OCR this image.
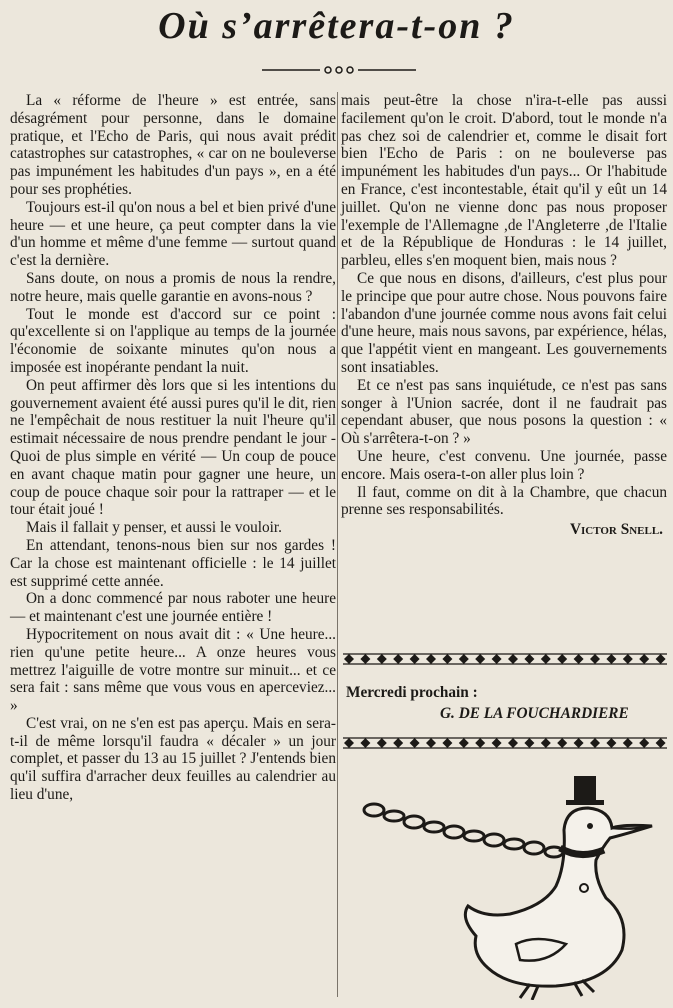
Où s’arrêtera-t-on ?

La « réforme de l'heure » est entrée, sans désagrément pour personne, dans le domaine pratique, et l'Echo de Paris, qui nous avait prédit catastrophes sur catastrophes, « car on ne bouleverse pas impunément les habitudes d'un pays », en a été pour ses prophéties.

Toujours est-il qu'on nous a bel et bien privé d'une heure — et une heure, ça peut compter dans la vie d'un homme et même d'une femme — surtout quand c'est la dernière.

Sans doute, on nous a promis de nous la rendre, notre heure, mais quelle garantie en avons-nous ?

Tout le monde est d'accord sur ce point : qu'excellente si on l'applique au temps de la journée l'économie de soixante minutes qu'on nous a imposée est inopérante pendant la nuit.

On peut affirmer dès lors que si les intentions du gouvernement avaient été aussi pures qu'il le dit, rien ne l'empêchait de nous restituer la nuit l'heure qu'il estimait nécessaire de nous prendre pendant le jour - Quoi de plus simple en vérité — Un coup de pouce en avant chaque matin pour gagner une heure, un coup de pouce chaque soir pour la rattraper — et le tour était joué !

Mais il fallait y penser, et aussi le vouloir.

En attendant, tenons-nous bien sur nos gardes ! Car la chose est maintenant officielle : le 14 juillet est supprimé cette année.

On a donc commencé par nous raboter une heure — et maintenant c'est une journée entière !

Hypocritement on nous avait dit : « Une heure... rien qu'une petite heure... A onze heures vous mettrez l'aiguille de votre montre sur minuit... et ce sera fait : sans même que vous vous en aperceviez... »

C'est vrai, on ne s'en est pas aperçu. Mais en sera-t-il de même lorsqu'il faudra « décaler » un jour complet, et passer du 13 au 15 juillet ? J'entends bien qu'il suffira d'arracher deux feuilles au calendrier au lieu d'une,

mais peut-être la chose n'ira-t-elle pas aussi facilement qu'on le croit. D'abord, tout le monde n'a pas chez soi de calendrier et, comme le disait fort bien l'Echo de Paris : on ne bouleverse pas impunément les habitudes d'un pays... Or l'habitude en France, c'est incontestable, était qu'il y eût un 14 juillet. Qu'on ne vienne donc pas nous proposer l'exemple de l'Allemagne ,de l'Angleterre ,de l'Italie et de la République de Honduras : le 14 juillet, parbleu, elles s'en moquent bien, mais nous ?

Ce que nous en disons, d'ailleurs, c'est plus pour le principe que pour autre chose. Nous pouvons faire l'abandon d'une journée comme nous avons fait celui d'une heure, mais nous savons, par expérience, hélas, que l'appétit vient en mangeant. Les gouvernements sont insatiables.

Et ce n'est pas sans inquiétude, ce n'est pas sans songer à l'Union sacrée, dont il ne faudrait pas cependant abuser, que nous posons la question : « Où s'arrêtera-t-on ? »

Une heure, c'est convenu. Une journée, passe encore. Mais osera-t-on aller plus loin ?

Il faut, comme on dit à la Chambre, que chacun prenne ses responsabilités.

Victor Snell.
Mercredi prochain :
G. DE LA FOUCHARDIERE
